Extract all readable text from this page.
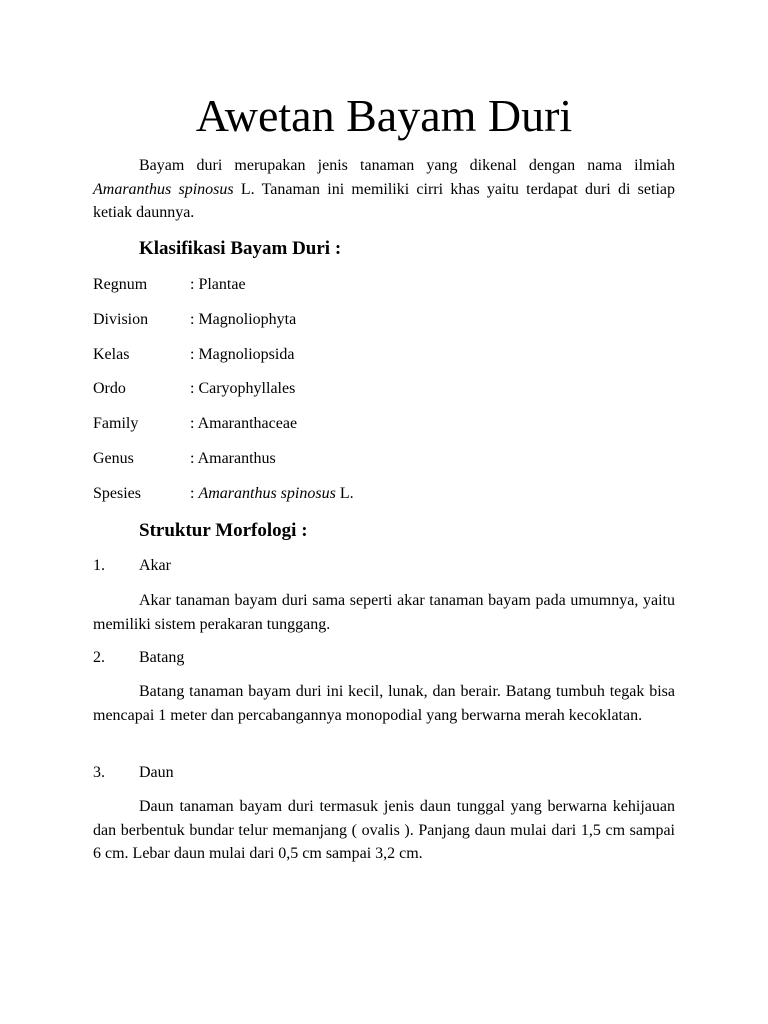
Awetan Bayam Duri

Bayam duri merupakan jenis tanaman yang dikenal dengan nama ilmiah Amaranthus spinosus L. Tanaman ini memiliki cirri khas yaitu terdapat duri di setiap ketiak daunnya.

Klasifikasi Bayam Duri :
Regnum	: Plantae
Division	: Magnoliophyta
Kelas	: Magnoliopsida
Ordo	: Caryophyllales
Family	: Amaranthaceae
Genus	: Amaranthus
Spesies	: Amaranthus spinosus L.
Struktur Morfologi :
1. Akar

Akar tanaman bayam duri sama seperti akar tanaman bayam pada umumnya, yaitu memiliki sistem perakaran tunggang.

2. Batang

Batang tanaman bayam duri ini kecil, lunak, dan berair. Batang tumbuh tegak bisa mencapai 1 meter dan percabangannya monopodial yang berwarna merah kecoklatan.

3. Daun

Daun tanaman bayam duri termasuk jenis daun tunggal yang berwarna kehijauan dan berbentuk bundar telur memanjang ( ovalis ). Panjang daun mulai dari 1,5 cm sampai 6 cm. Lebar daun mulai dari 0,5 cm sampai 3,2 cm.
